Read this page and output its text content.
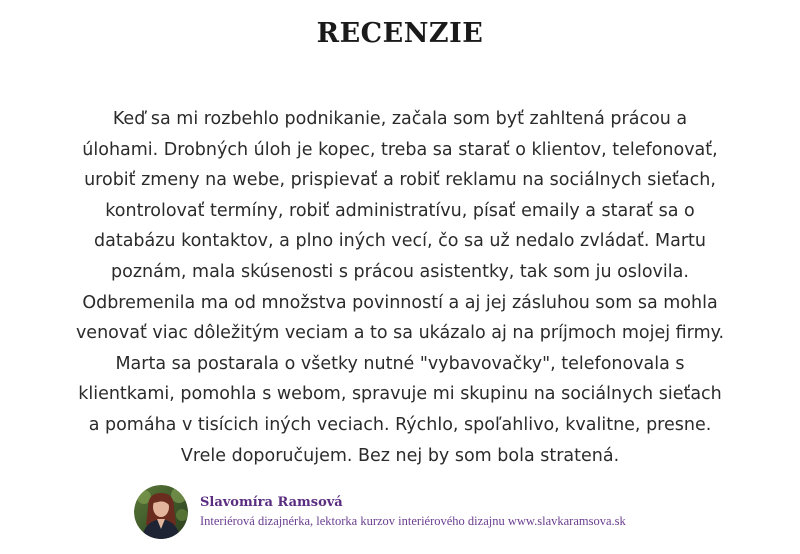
RECENZIE
Keď sa mi rozbehlo podnikanie, začala som byť zahltená prácou a
úlohami. Drobných úloh je kopec, treba sa starať o klientov, telefonovať,
urobiť zmeny na webe, prispievať a robiť reklamu na sociálnych sieťach,
kontrolovať termíny, robiť administratívu, písať emaily a starať sa o
databázu kontaktov, a plno iných vecí, čo sa už nedalo zvládať. Martu
poznám, mala skúsenosti s prácou asistentky, tak som ju oslovila.
Odbremenila ma od množstva povinností a aj jej zásluhou som sa mohla
venovať viac dôležitým veciam a to sa ukázalo aj na príjmoch mojej firmy.
Marta sa postarala o všetky nutné "vybavovačky", telefonovala s
klientkami, pomohla s webom, spravuje mi skupinu na sociálnych sieťach
a pomáha v tisícich iných veciach. Rýchlo, spoľahlivo, kvalitne, presne.
Vrele doporučujem. Bez nej by som bola stratená.
Slavomíra Ramsová
Interiérová dizajnérka, lektorka kurzov interiérového dizajnu www.slavkaramsova.sk
